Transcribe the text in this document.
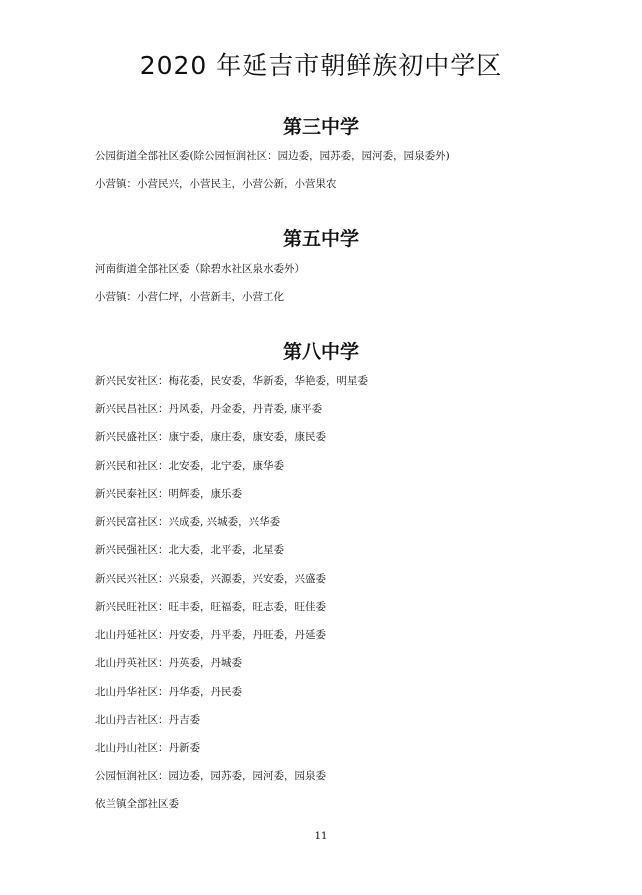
2020 年延吉市朝鲜族初中学区
第三中学
公园街道全部社区委(除公园恒润社区：园边委，园苏委，园河委，园泉委外)
小营镇：小营民兴，小营民主，小营公新，小营果农
第五中学
河南街道全部社区委（除碧水社区泉水委外）
小营镇：小营仁坪，小营新丰，小营工化
第八中学
新兴民安社区：梅花委，民安委，华新委，华艳委，明星委
新兴民昌社区：丹风委，丹金委，丹青委, 康平委
新兴民盛社区：康宁委，康庄委，康安委，康民委
新兴民和社区：北安委，北宁委，康华委
新兴民泰社区：明辉委，康乐委
新兴民富社区：兴成委, 兴城委，兴华委
新兴民强社区：北大委，北平委，北星委
新兴民兴社区：兴泉委，兴源委，兴安委，兴盛委
新兴民旺社区：旺丰委，旺福委，旺志委，旺佳委
北山丹延社区：丹安委，丹平委，丹旺委，丹延委
北山丹英社区：丹英委，丹城委
北山丹华社区：丹华委，丹民委
北山丹吉社区：丹吉委
北山丹山社区：丹新委
公园恒润社区：园边委，园苏委，园河委，园泉委
依兰镇全部社区委
11
